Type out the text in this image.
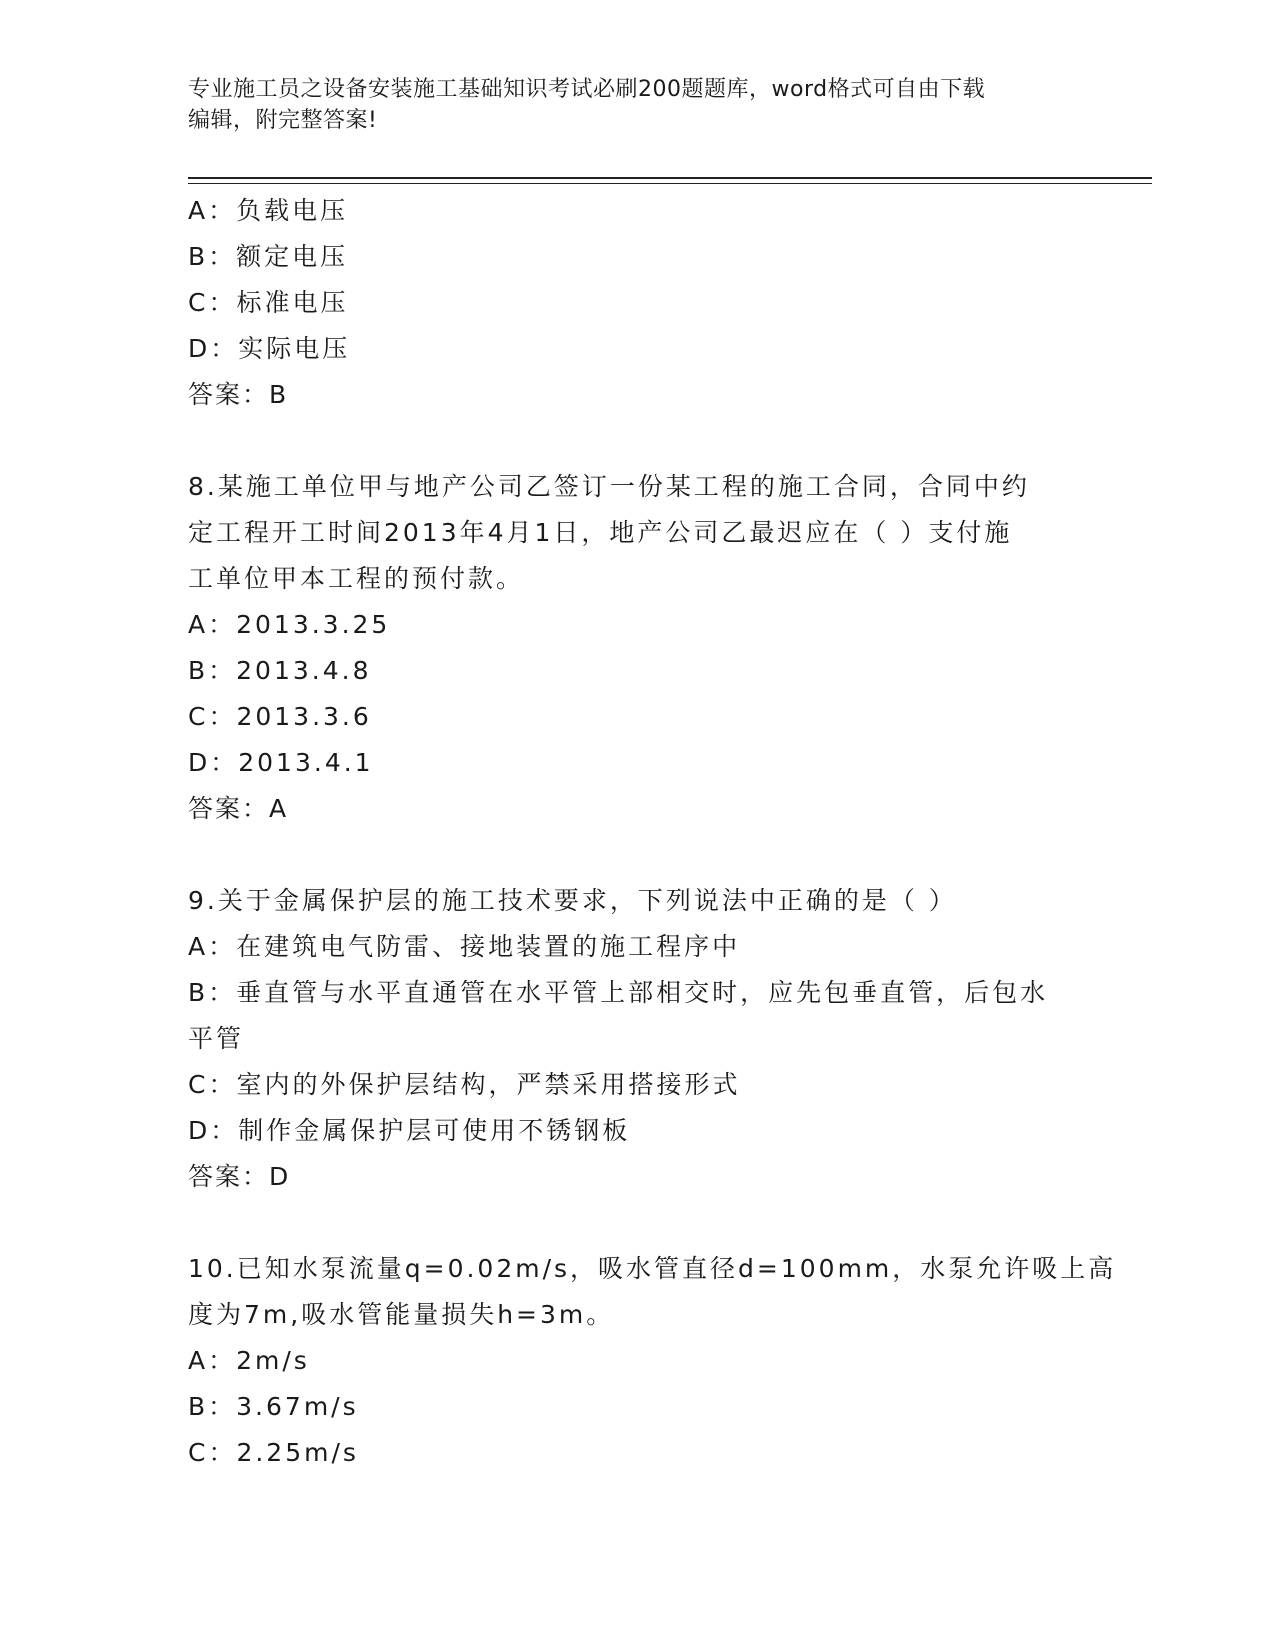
专业施工员之设备安装施工基础知识考试必刷200题题库，word格式可自由下载
编辑，附完整答案!
A：负载电压
B：额定电压
C：标准电压
D：实际电压
答案：B
8.某施工单位甲与地产公司乙签订一份某工程的施工合同，合同中约
定工程开工时间2013年4月1日，地产公司乙最迟应在（ ）支付施
工单位甲本工程的预付款。
A：2013.3.25
B：2013.4.8
C：2013.3.6
D：2013.4.1
答案：A
9.关于金属保护层的施工技术要求，下列说法中正确的是（ ）
A：在建筑电气防雷、接地装置的施工程序中
B：垂直管与水平直通管在水平管上部相交时，应先包垂直管，后包水
平管
C：室内的外保护层结构，严禁采用搭接形式
D：制作金属保护层可使用不锈钢板
答案：D
10.已知水泵流量q=0.02m/s，吸水管直径d=100mm，水泵允许吸上高
度为7m,吸水管能量损失h=3m。
A：2m/s
B：3.67m/s
C：2.25m/s
